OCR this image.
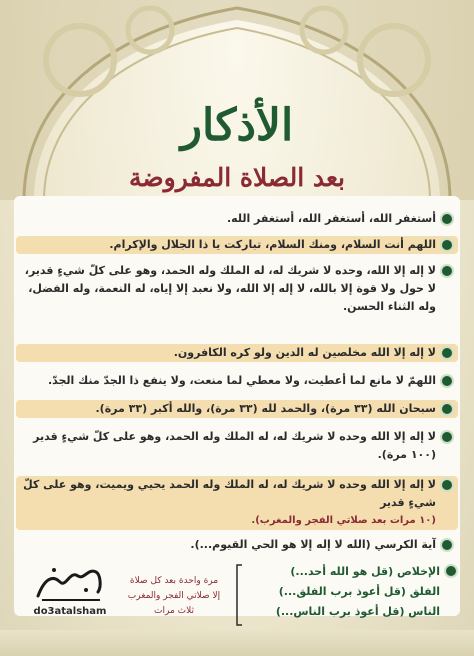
الأذكار
بعد الصلاة المفروضة
أستغفر الله، أستغفر الله، أستغفر الله.
اللهم أنت السلام، ومنك السلام، تباركت يا ذا الجلال والإكرام.
لا إله إلا الله، وحده لا شريك له، له الملك وله الحمد، وهو على كلّ شيءٍ قدير، لا حول ولا قوة إلا بالله، لا إله إلا الله، ولا نعبد إلا إياه، له النعمة، وله الفضل، وله الثناء الحسن.
لا إله إلا الله مخلصين له الدين ولو كره الكافرون.
اللهمّ لا مانع لما أعطيت، ولا معطي لما منعت، ولا ينفع ذا الجدّ منك الجدّ.
سبحان الله (٣٣ مرة)، والحمد لله (٣٣ مرة)، والله أكبر (٣٣ مرة).
لا إله إلا الله وحده لا شريك له، له الملك وله الحمد، وهو على كلّ شيءٍ قدير (١٠٠ مرة).
لا إله إلا الله وحده لا شريك له، له الملك وله الحمد يحيي ويميت، وهو على كلّ شيءٍ قدير
(١٠ مرات بعد صلاتي الفجر والمغرب).
آية الكرسي (الله لا إله إلا هو الحي القيوم...).
الإخلاص (قل هو الله أحد...)
الفلق (قل أعوذ برب الفلق...)
الناس (قل أعوذ برب الناس...)
مرة واحدة بعد كل صلاة
إلا صلاتي الفجر والمغرب
ثلاث مرات
do3atalsham
